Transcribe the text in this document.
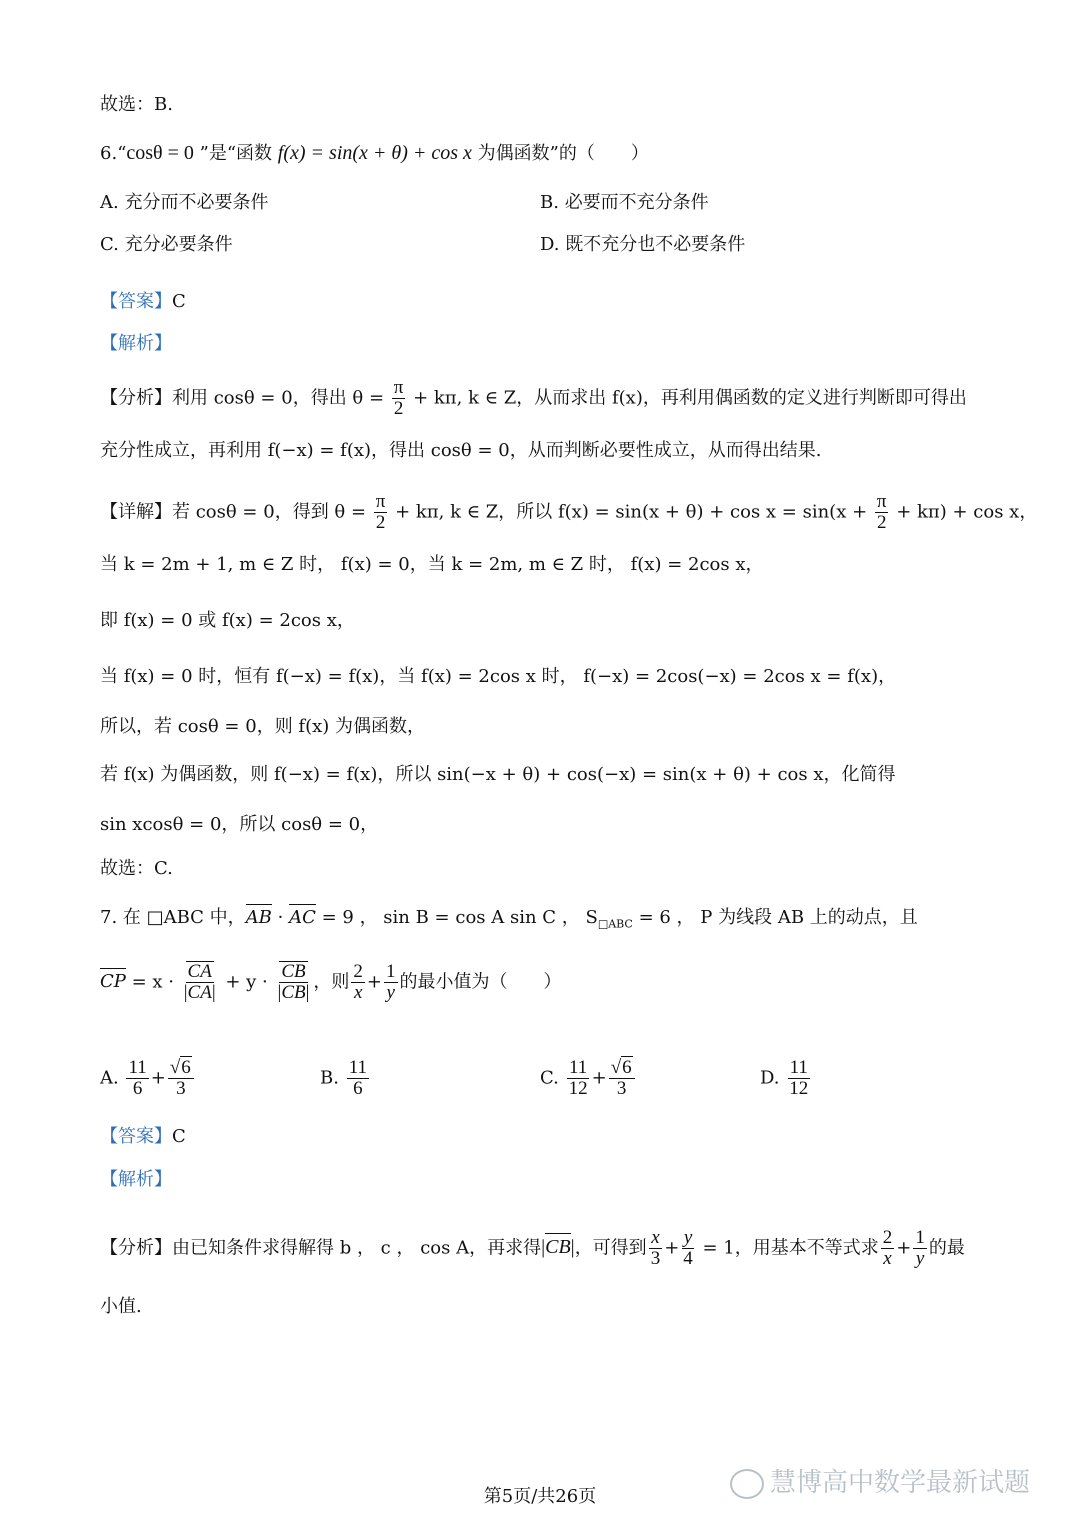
故选：B.
6.“cosθ = 0 ”是“函数 f(x) = sin(x + θ) + cos x 为偶函数”的（　　）
A. 充分而不必要条件	B. 必要而不充分条件
C. 充分必要条件	D. 既不充分也不必要条件
【答案】C
【解析】
【分析】利用 cosθ = 0，得出 $\theta = \frac{\pi}{2} + k\pi$, k ∈ Z，从而求出 f(x)，再利用偶函数的定义进行判断即可得出
充分性成立，再利用 f(−x) = f(x)，得出 cosθ = 0，从而判断必要性成立，从而得出结果.
【详解】若 cosθ = 0，得到 $\theta = \frac{\pi}{2} + k\pi$, k ∈ Z，所以 $f(x) = \sin(x + \theta) + \cos x = \sin(x + \frac{\pi}{2} + k\pi) + \cos x$，
当 k = 2m + 1, m ∈ Z 时， f(x) = 0，当 k = 2m, m ∈ Z 时， f(x) = 2cos x，
即 f(x) = 0 或 f(x) = 2cos x，
当 f(x) = 0 时，恒有 f(−x) = f(x)，当 f(x) = 2cos x 时， f(−x) = 2cos(−x) = 2cos x = f(x)，
所以，若 cosθ = 0，则 f(x) 为偶函数，
若 f(x) 为偶函数，则 f(−x) = f(x)，所以 sin(−x + θ) + cos(−x) = sin(x + θ) + cos x，化简得
sin xcosθ = 0，所以 cosθ = 0，
故选：C.
7. 在 □ABC 中，AB · AC = 9 ， sin B = cos A sin C ， $S_{□ABC} = 6$ ， P 为线段 AB 上的动点，且
CP = $x \cdot \frac{CA}{|CA|} + y \cdot \frac{CB}{|CB|}$ ，则 $\frac{2}{x} + \frac{1}{y}$ 的最小值为（　　）
A. $\frac{11}{6}$ + √ $\frac{6}{3}$	B. $\frac{11}{6}$	C. $\frac{11}{12}$ + √ $\frac{6}{3}$	D. $\frac{11}{12}$
【答案】C
【解析】
【分析】由已知条件求得解得 b ， c ， cos A，再求得|CB|，可得到 $\frac{x}{3} + \frac{y}{4} = 1$，用基本不等式求 $\frac{2}{x} + \frac{1}{y}$ 的最
小值.
慧博高中数学最新试题
第5页/共26页
